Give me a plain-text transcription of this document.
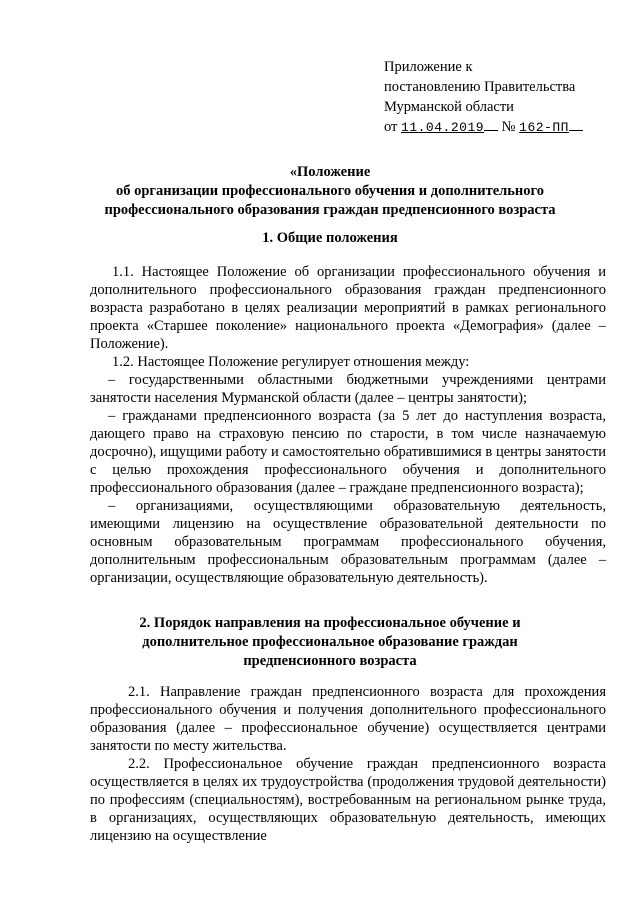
Приложение к
постановлению Правительства
Мурманской области
от 11.04.2019 № 162-ПП
«Положение
об организации профессионального обучения и дополнительного
профессионального образования граждан предпенсионного возраста
1. Общие положения

1.1. Настоящее Положение об организации профессионального обучения и дополнительного профессионального образования граждан предпенсионного возраста разработано в целях реализации мероприятий в рамках регионального проекта «Старшее поколение» национального проекта «Демография» (далее – Положение).

1.2. Настоящее Положение регулирует отношения между:

– государственными областными бюджетными учреждениями центрами занятости населения Мурманской области (далее – центры занятости);

– гражданами предпенсионного возраста (за 5 лет до наступления возраста, дающего право на страховую пенсию по старости, в том числе назначаемую досрочно), ищущими работу и самостоятельно обратившимися в центры занятости с целью прохождения профессионального обучения и дополнительного профессионального образования (далее – граждане предпенсионного возраста);

– организациями, осуществляющими образовательную деятельность, имеющими лицензию на осуществление образовательной деятельности по основным образовательным программам профессионального обучения, дополнительным профессиональным образовательным программам (далее – организации, осуществляющие образовательную деятельность).

2. Порядок направления на профессиональное обучение и
дополнительное профессиональное образование граждан
предпенсионного возраста

2.1. Направление граждан предпенсионного возраста для прохождения профессионального обучения и получения дополнительного профессионального образования (далее – профессиональное обучение) осуществляется центрами занятости по месту жительства.

2.2. Профессиональное обучение граждан предпенсионного возраста осуществляется в целях их трудоустройства (продолжения трудовой деятельности) по профессиям (специальностям), востребованным на региональном рынке труда, в организациях, осуществляющих образовательную деятельность, имеющих лицензию на осуществление
